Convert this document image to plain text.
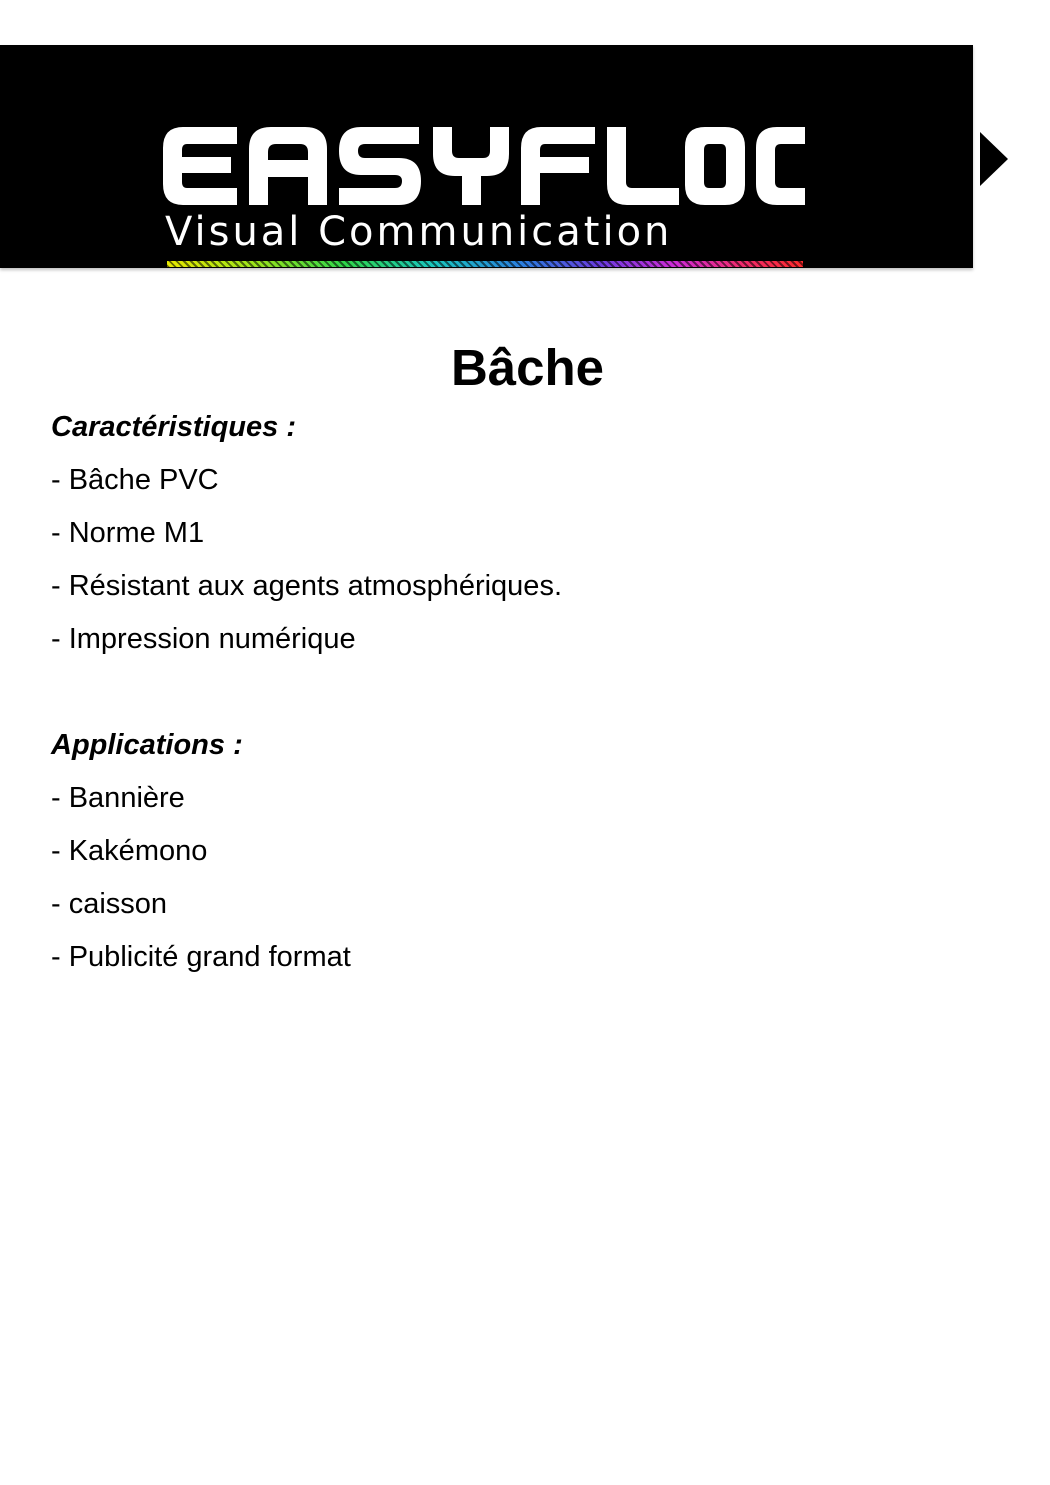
Visual Communication
Bâche
Caractéristiques :
- Bâche PVC
- Norme M1
- Résistant aux agents atmosphériques.
- Impression numérique
Applications :
- Bannière
- Kakémono
- caisson
- Publicité grand format
